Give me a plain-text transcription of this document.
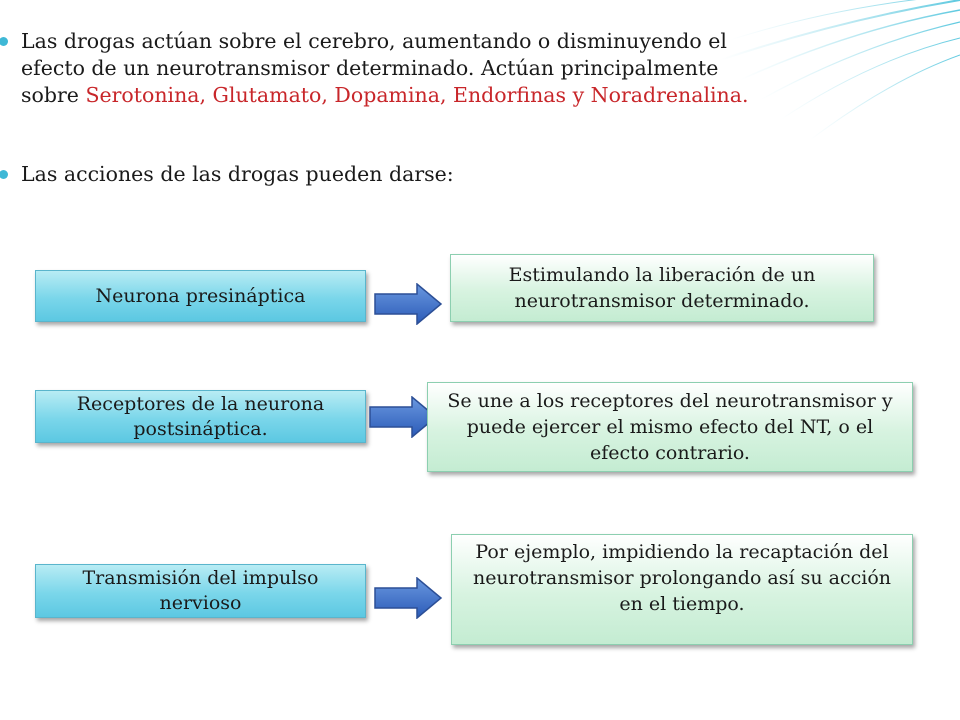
Las drogas actúan sobre el cerebro, aumentando o disminuyendo el
efecto de un neurotransmisor determinado. Actúan principalmente
sobre Serotonina, Glutamato, Dopamina, Endorfinas y Noradrenalina.
Las acciones de las drogas pueden darse:
Neurona presináptica
Estimulando la liberación de un neurotransmisor determinado.
Receptores de la neurona postsináptica.
Se une a los receptores del neurotransmisor y puede ejercer el mismo efecto del NT, o el efecto contrario.
Transmisión del impulso nervioso
Por ejemplo, impidiendo la recaptación del neurotransmisor prolongando así su acción en el tiempo.
